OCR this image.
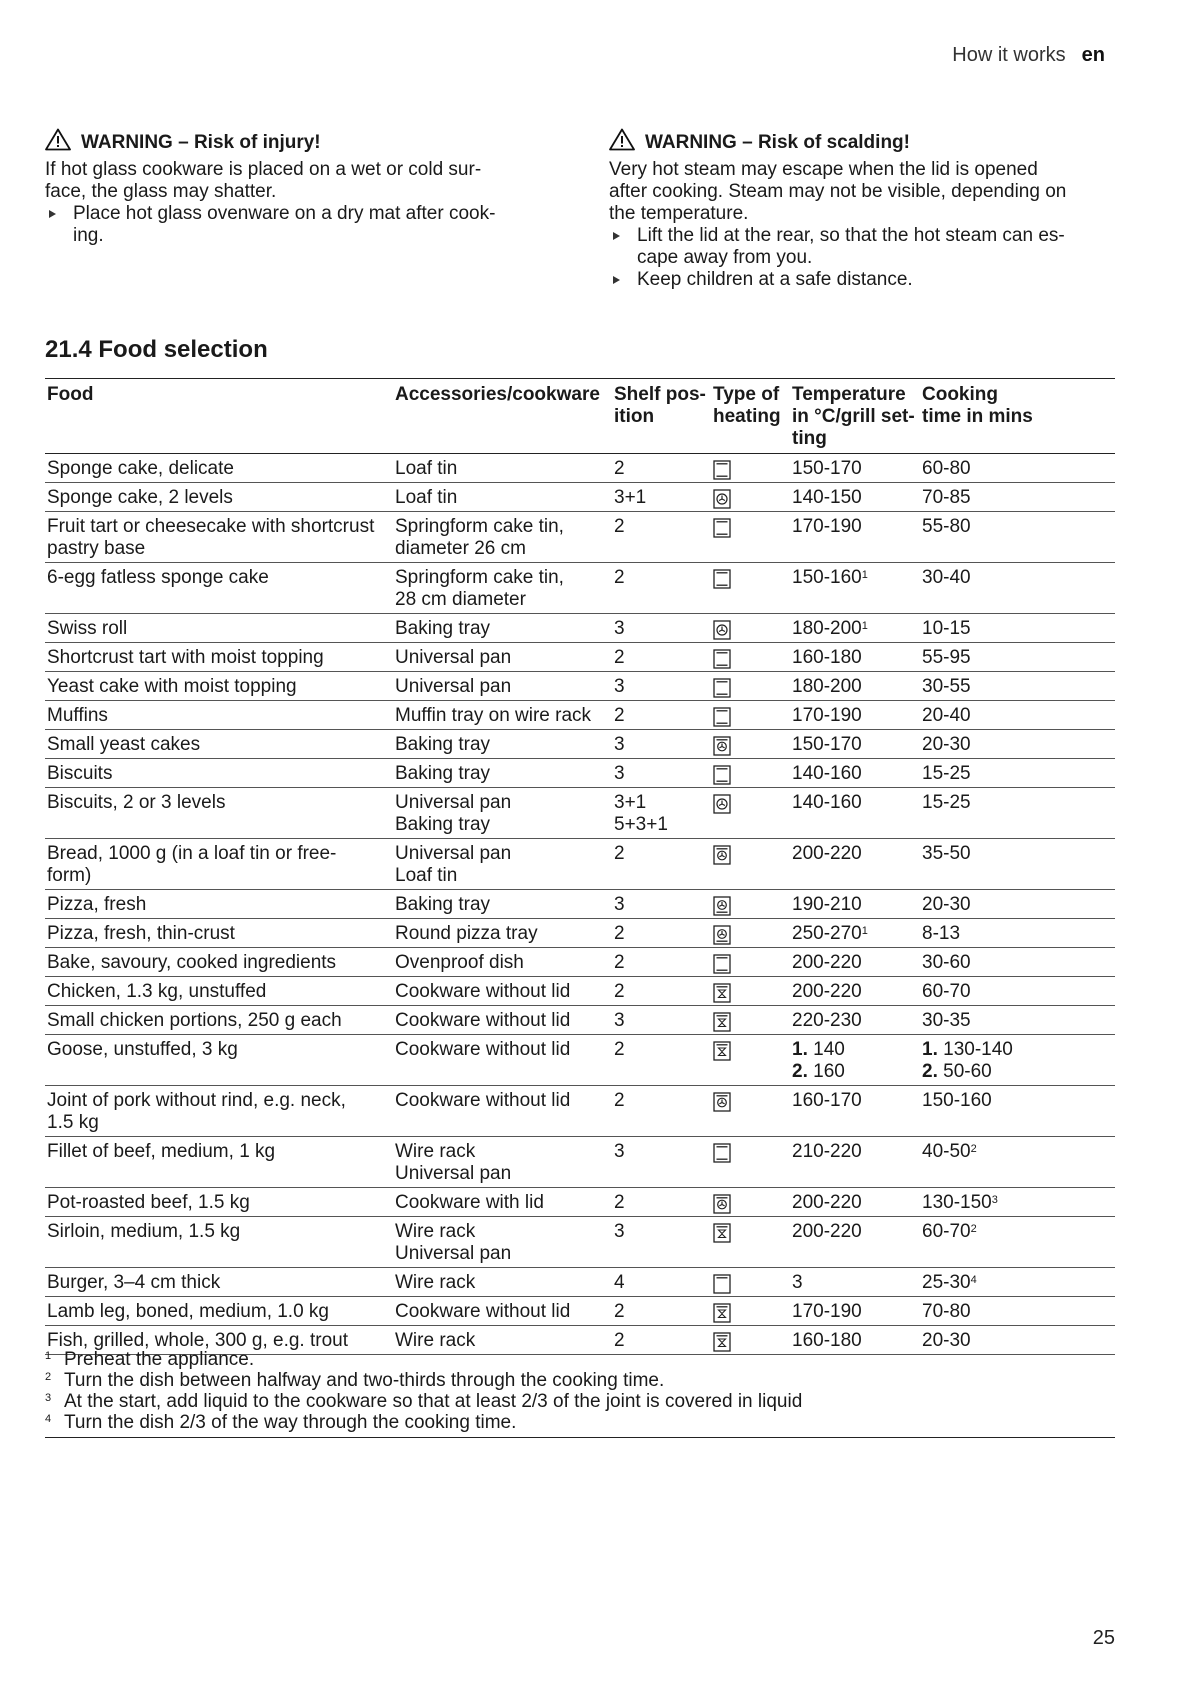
How it works en
WARNING – Risk of injury!

If hot glass cookware is placed on a wet or cold sur-
face, the glass may shatter.

Place hot glass ovenware on a dry mat after cook-
ing.
WARNING – Risk of scalding!

Very hot steam may escape when the lid is opened
after cooking. Steam may not be visible, depending on
the temperature.

Lift the lid at the rear, so that the hot steam can es-
cape away from you.
Keep children at a safe distance.
21.4 Food selection
Food	Accessories/cookware	Shelf pos-
ition	Type of
heating	Temperature
in °C/grill set-
ting	Cooking
time in mins
Sponge cake, delicate	Loaf tin	2		150-170	60-80
Sponge cake, 2 levels	Loaf tin	3+1		140-150	70-85
Fruit tart or cheesecake with shortcrust
pastry base	Springform cake tin,
diameter 26 cm	2		170-190	55-80
6-egg fatless sponge cake	Springform cake tin,
28 cm diameter	2		$150-160^1$	30-40
Swiss roll	Baking tray	3		$180-200^1$	10-15
Shortcrust tart with moist topping	Universal pan	2		160-180	55-95
Yeast cake with moist topping	Universal pan	3		180-200	30-55
Muffins	Muffin tray on wire rack	2		170-190	20-40
Small yeast cakes	Baking tray	3		150-170	20-30
Biscuits	Baking tray	3		140-160	15-25
Biscuits, 2 or 3 levels	Universal pan
Baking tray	3+1
5+3+1		140-160	15-25
Bread, 1000 g (in a loaf tin or free-
form)	Universal pan
Loaf tin	2		200-220	35-50
Pizza, fresh	Baking tray	3		190-210	20-30
Pizza, fresh, thin-crust	Round pizza tray	2		$250-270^1$	8-13
Bake, savoury, cooked ingredients	Ovenproof dish	2		200-220	30-60
Chicken, 1.3 kg, unstuffed	Cookware without lid	2		200-220	60-70
Small chicken portions, 250 g each	Cookware without lid	3		220-230	30-35
Goose, unstuffed, 3 kg	Cookware without lid	2		1. 140
2. 160	1. 130-140
2. 50-60
Joint of pork without rind, e.g. neck,
1.5 kg	Cookware without lid	2		160-170	150-160
Fillet of beef, medium, 1 kg	Wire rack
Universal pan	3		210-220	$40-50^2$
Pot-roasted beef, 1.5 kg	Cookware with lid	2		200-220	$130-150^3$
Sirloin, medium, 1.5 kg	Wire rack
Universal pan	3		200-220	$60-70^2$
Burger, 3–4 cm thick	Wire rack	4		3	$25-30^4$
Lamb leg, boned, medium, 1.0 kg	Cookware without lid	2		170-190	70-80
Fish, grilled, whole, 300 g, e.g. trout	Wire rack	2		160-180	20-30
1 Preheat the appliance.
2 Turn the dish between halfway and two-thirds through the cooking time.
3 At the start, add liquid to the cookware so that at least 2/3 of the joint is covered in liquid
4 Turn the dish 2/3 of the way through the cooking time.
25
